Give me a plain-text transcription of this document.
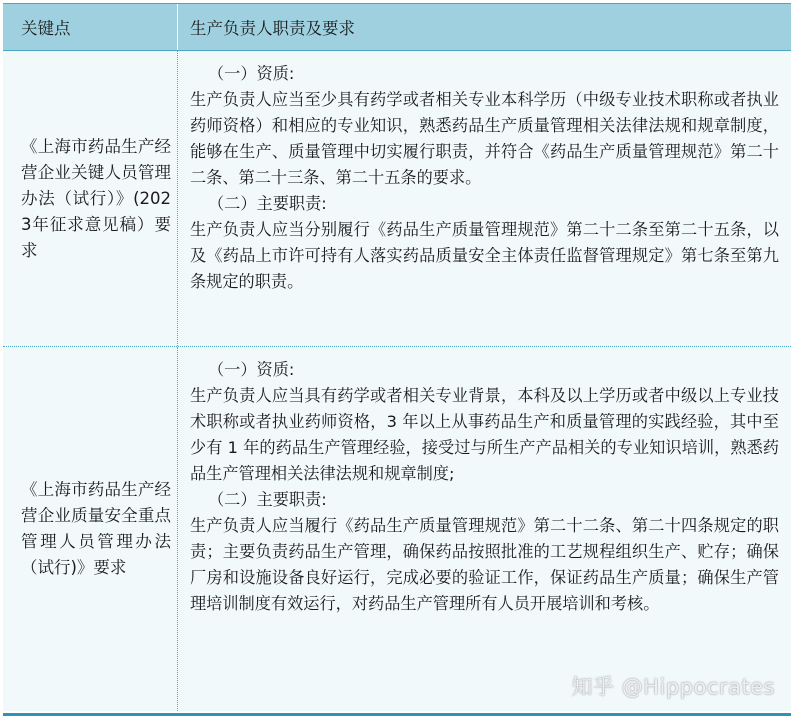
关键点	生产负责人职责及要求
《上海市药品生产经营企业关键人员管理办法（试行）》(2023年征求意见稿）要求
（一）资质:

生产负责人应当至少具有药学或者相关专业本科学历（中级专业技术职称或者执业药师资格）和相应的专业知识，熟悉药品生产质量管理相关法律法规和规章制度，能够在生产、质量管理中切实履行职责，并符合《药品生产质量管理规范》第二十二条、第二十三条、第二十五条的要求。

（二）主要职责:

生产负责人应当分别履行《药品生产质量管理规范》第二十二条至第二十五条，以及《药品上市许可持有人落实药品质量安全主体责任监督管理规定》第七条至第九条规定的职责。

《上海市药品生产经营企业质量安全重点管理人员管理办法（试行)》要求
（一）资质:

生产负责人应当具有药学或者相关专业背景，本科及以上学历或者中级以上专业技术职称或者执业药师资格，3 年以上从事药品生产和质量管理的实践经验，其中至少有 1 年的药品生产管理经验，接受过与所生产产品相关的专业知识培训，熟悉药品生产管理相关法律法规和规章制度;

（二）主要职责:

生产负责人应当履行《药品生产质量管理规范》第二十二条、第二十四条规定的职责；主要负责药品生产管理，确保药品按照批准的工艺规程组织生产、贮存；确保厂房和设施设备良好运行，完成必要的验证工作，保证药品生产质量；确保生产管理培训制度有效运行，对药品生产管理所有人员开展培训和考核。

知乎 @Hippocrates
